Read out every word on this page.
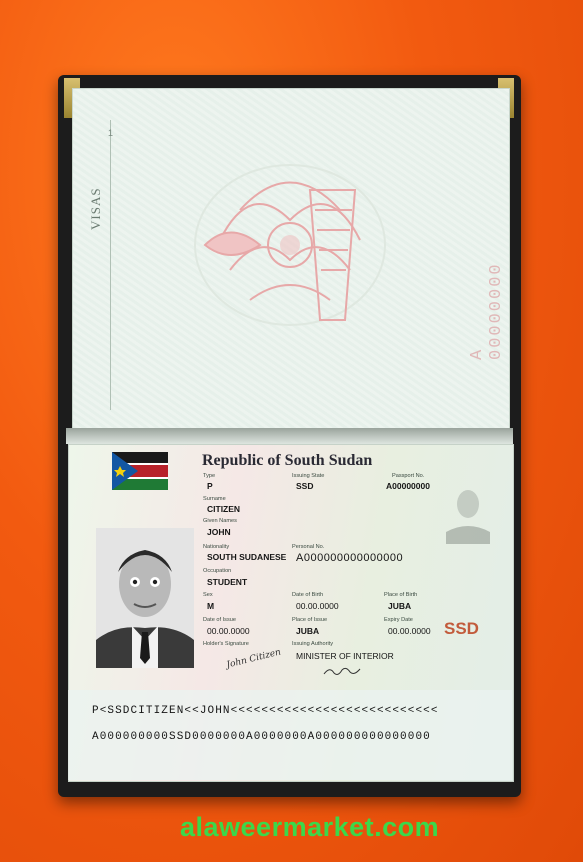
1
VISAS
A 00000000
Republic of South Sudan
Type
P
Issuing State
SSD
Passport No.
A00000000
Surname
CITIZEN
Given Names
JOHN
Nationality
SOUTH SUDANESE
Personal No.
A000000000000000
Occupation
STUDENT
Sex
M
Date of Birth
00.00.0000
Place of Birth
JUBA
Date of Issue
00.00.0000
Place of Issue
JUBA
Expiry Date
00.00.0000 SSD
Holder's Signature
John Citizen
Issuing Authority
MINISTER OF INTERIOR
P<SSDCITIZEN<<JOHN<<<<<<<<<<<<<<<<<<<<<<<<<<<
A000000000SSD0000000A0000000A000000000000000
alaweermarket.com
